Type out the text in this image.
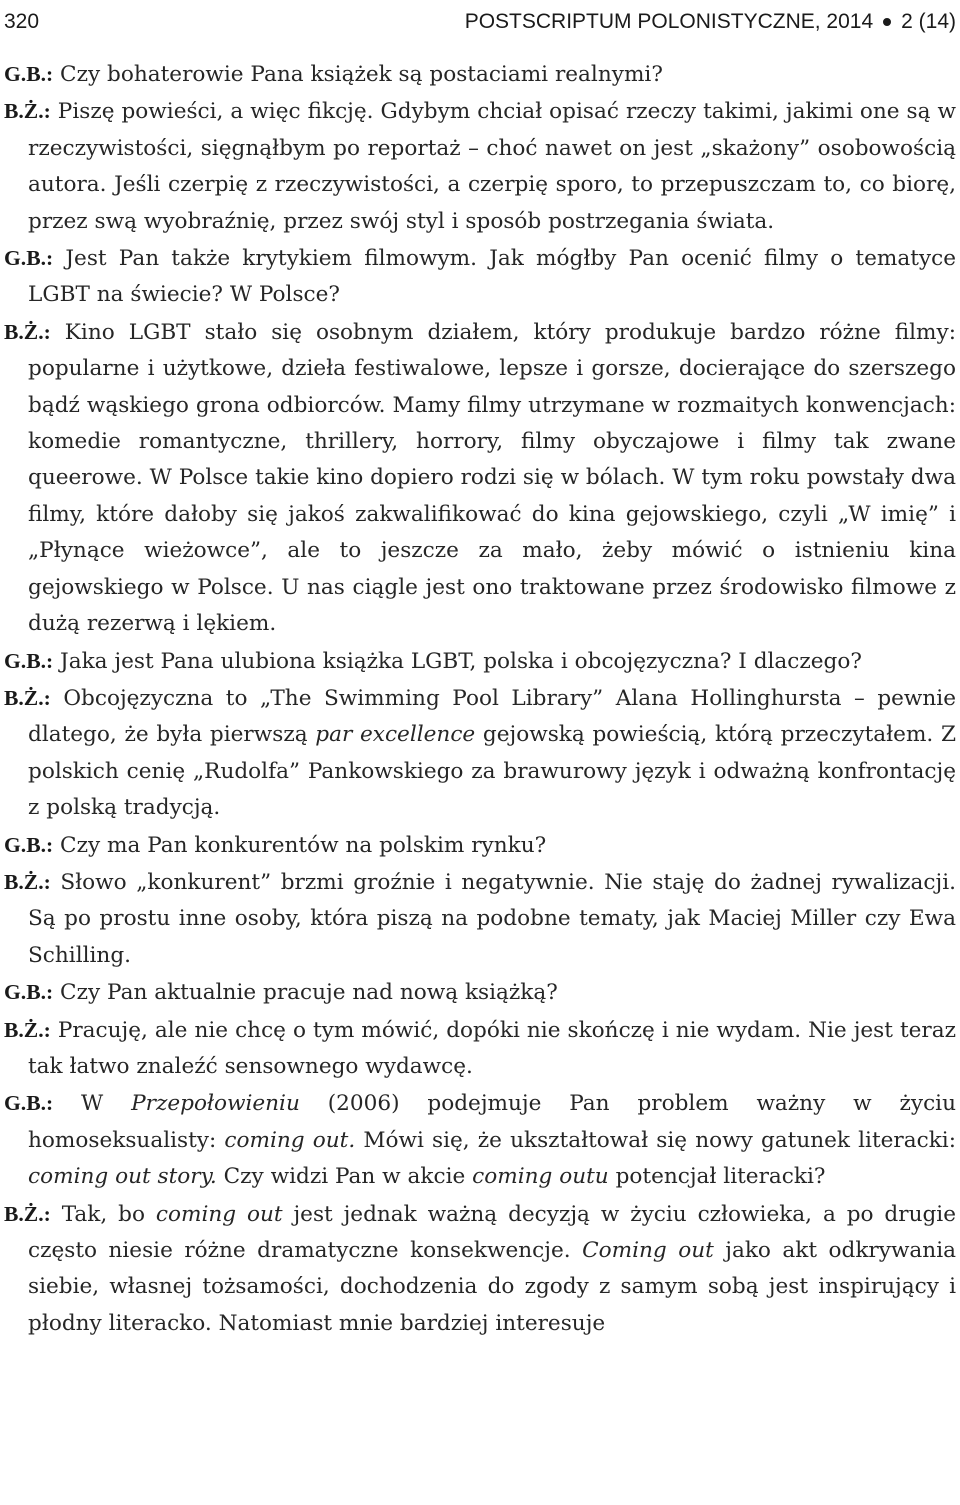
320	POSTSCRIPTUM POLONISTYCZNE, 2014 2 (14)

G.B.: Czy bohaterowie Pana książek są postaciami realnymi?

B.Ż.: Piszę powieści, a więc fikcję. Gdybym chciał opisać rzeczy takimi, jakimi one są w rzeczywistości, sięgnąłbym po reportaż – choć nawet on jest „skażony” osobowością autora. Jeśli czerpię z rzeczywistości, a czerpię sporo, to przepuszczam to, co biorę, przez swą wyobraźnię, przez swój styl i sposób postrzegania świata.

G.B.: Jest Pan także krytykiem filmowym. Jak mógłby Pan ocenić filmy o tematyce LGBT na świecie? W Polsce?

B.Ż.: Kino LGBT stało się osobnym działem, który produkuje bardzo różne filmy: popularne i użytkowe, dzieła festiwalowe, lepsze i gorsze, docierające do szerszego bądź wąskiego grona odbiorców. Mamy filmy utrzymane w rozmaitych konwencjach: komedie romantyczne, thrillery, horrory, filmy obyczajowe i filmy tak zwane queerowe. W Polsce takie kino dopiero rodzi się w bólach. W tym roku powstały dwa filmy, które dałoby się jakoś zakwalifikować do kina gejowskiego, czyli „W imię” i „Płynące wieżowce”, ale to jeszcze za mało, żeby mówić o istnieniu kina gejowskiego w Polsce. U nas ciągle jest ono traktowane przez środowisko filmowe z dużą rezerwą i lękiem.

G.B.: Jaka jest Pana ulubiona książka LGBT, polska i obcojęzyczna? I dlaczego?

B.Ż.: Obcojęzyczna to „The Swimming Pool Library” Alana Hollinghursta – pewnie dlatego, że była pierwszą par excellence gejowską powieścią, którą przeczytałem. Z polskich cenię „Rudolfa” Pankowskiego za brawurowy język i odważną konfrontację z polską tradycją.

G.B.: Czy ma Pan konkurentów na polskim rynku?

B.Ż.: Słowo „konkurent” brzmi groźnie i negatywnie. Nie staję do żadnej rywalizacji. Są po prostu inne osoby, która piszą na podobne tematy, jak Maciej Miller czy Ewa Schilling.

G.B.: Czy Pan aktualnie pracuje nad nową książką?

B.Ż.: Pracuję, ale nie chcę o tym mówić, dopóki nie skończę i nie wydam. Nie jest teraz tak łatwo znaleźć sensownego wydawcę.

G.B.: W Przepołowieniu (2006) podejmuje Pan problem ważny w życiu homoseksualisty: coming out. Mówi się, że ukształtował się nowy gatunek literacki: coming out story. Czy widzi Pan w akcie coming outu potencjał literacki?

B.Ż.: Tak, bo coming out jest jednak ważną decyzją w życiu człowieka, a po drugie często niesie różne dramatyczne konsekwencje. Coming out jako akt odkrywania siebie, własnej tożsamości, dochodzenia do zgody z samym sobą jest inspirujący i płodny literacko. Natomiast mnie bardziej interesuje
